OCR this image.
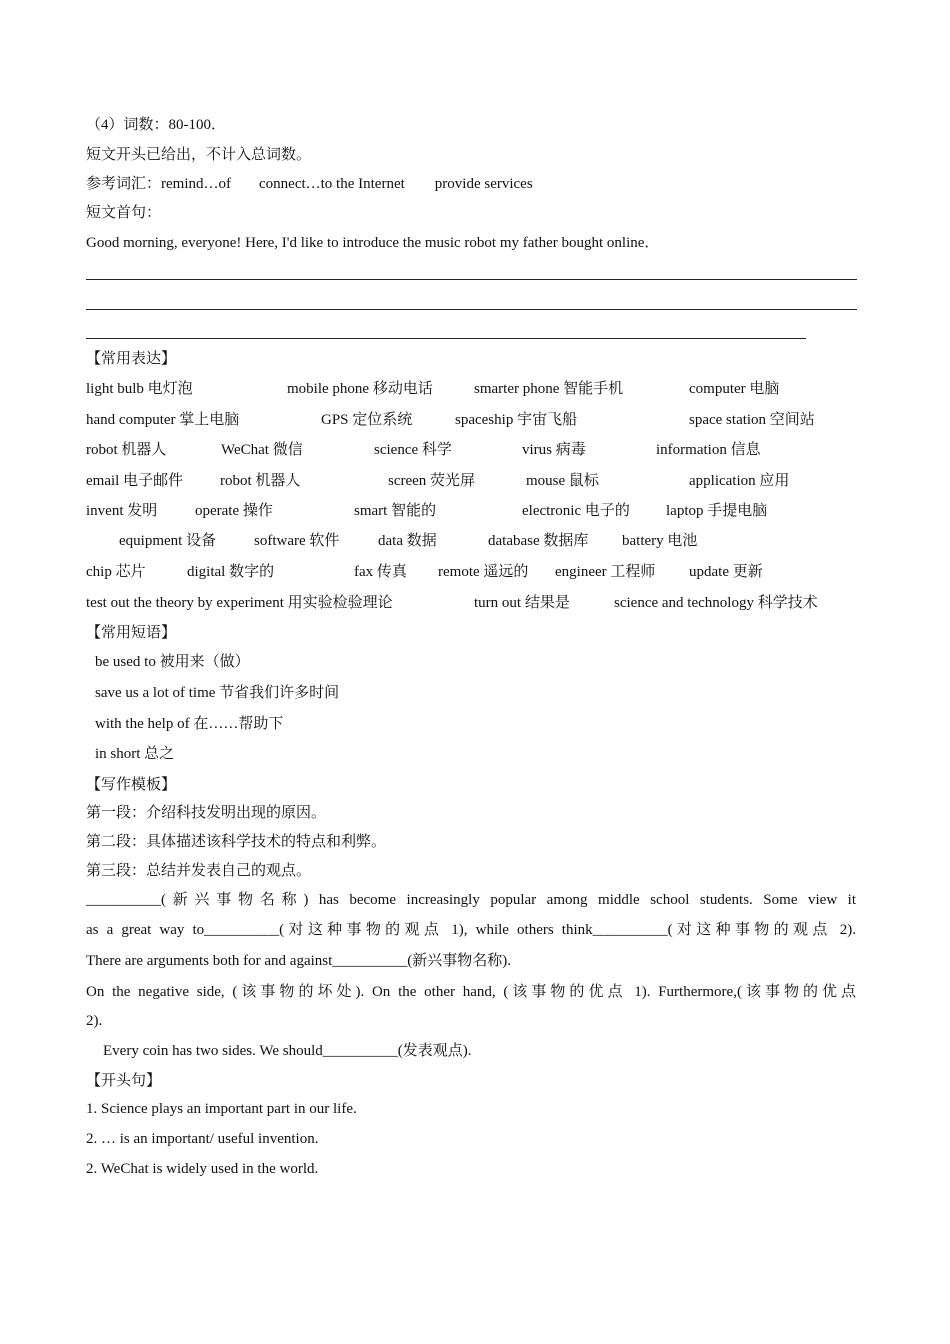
（4）词数：80-100．
短文开头已给出，不计入总词数。
参考词汇：remind…of connect…to the Internet provide services
短文首句：
Good morning, everyone! Here, I'd like to introduce the music robot my father bought online．
【常用表达】
light bulb 电灯泡	mobile phone 移动电话	smarter phone 智能手机	computer 电脑
hand computer 掌上电脑	GPS 定位系统	spaceship 宇宙飞船	space station 空间站
robot 机器人	WeChat 微信	science 科学	virus 病毒	information 信息
email 电子邮件 robot 机器人	screen 荧光屏	mouse 鼠标	application 应用
invent 发明	operate 操作	smart 智能的	electronic 电子的 laptop 手提电脑
equipment 设备	software 软件	data 数据	database 数据库 battery 电池
chip 芯片	digital 数字的	fax 传真 remote 遥远的 engineer 工程师 update 更新
test out the theory by experiment 用实验检验理论	turn out 结果是	science and technology 科学技术
【常用短语】
be used to 被用来（做）
save us a lot of time 节省我们许多时间
with the help of 在……帮助下
in short 总之
【写作模板】
第一段：介绍科技发明出现的原因。
第二段：具体描述该科学技术的特点和利弊。
第三段：总结并发表自己的观点。
__________(新兴事物名称) has become increasingly popular among middle school students. Some view it
as a great way to__________(对这种事物的观点 1), while others think__________(对这种事物的观点 2).
There are arguments both for and against__________(新兴事物名称).
On the negative side, (该事物的坏处). On the other hand, (该事物的优点 1). Furthermore,(该事物的优点
2).
Every coin has two sides. We should__________(发表观点).
【开头句】
1. Science plays an important part in our life.
2. … is an important/ useful invention.
2. WeChat is widely used in the world.
